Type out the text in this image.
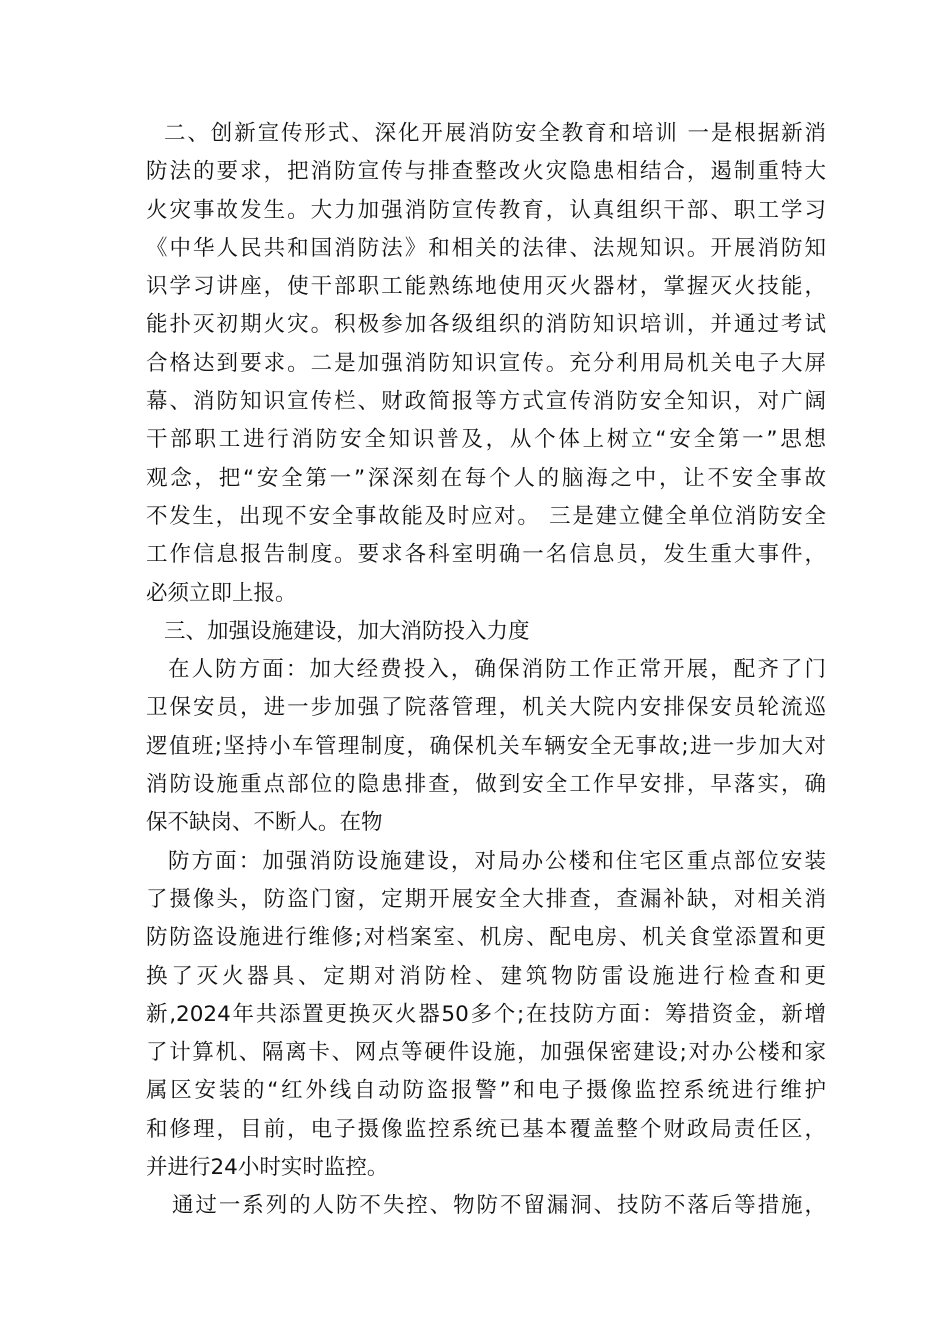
二、创新宣传形式、深化开展消防安全教育和培训 一是根据新消
防法的要求，把消防宣传与排查整改火灾隐患相结合，遏制重特大
火灾事故发生。大力加强消防宣传教育，认真组织干部、职工学习
《中华人民共和国消防法》和相关的法律、法规知识。开展消防知
识学习讲座，使干部职工能熟练地使用灭火器材，掌握灭火技能，
能扑灭初期火灾。积极参加各级组织的消防知识培训，并通过考试
合格达到要求。二是加强消防知识宣传。充分利用局机关电子大屏
幕、消防知识宣传栏、财政简报等方式宣传消防安全知识，对广阔
干部职工进行消防安全知识普及，从个体上树立“安全第一”思想
观念，把“安全第一”深深刻在每个人的脑海之中，让不安全事故
不发生，出现不安全事故能及时应对。 三是建立健全单位消防安全
工作信息报告制度。要求各科室明确一名信息员，发生重大事件，
必须立即上报。
三、加强设施建设，加大消防投入力度
在人防方面：加大经费投入，确保消防工作正常开展，配齐了门
卫保安员，进一步加强了院落管理，机关大院内安排保安员轮流巡
逻值班;坚持小车管理制度，确保机关车辆安全无事故;进一步加大对
消防设施重点部位的隐患排查，做到安全工作早安排，早落实，确
保不缺岗、不断人。在物
防方面：加强消防设施建设，对局办公楼和住宅区重点部位安装
了摄像头，防盗门窗，定期开展安全大排查，查漏补缺，对相关消
防防盗设施进行维修;对档案室、机房、配电房、机关食堂添置和更
换了灭火器具、定期对消防栓、建筑物防雷设施进行检查和更
新,2024年共添置更换灭火器50多个;在技防方面：筹措资金，新增
了计算机、隔离卡、网点等硬件设施，加强保密建设;对办公楼和家
属区安装的“红外线自动防盗报警”和电子摄像监控系统进行维护
和修理，目前，电子摄像监控系统已基本覆盖整个财政局责任区，
并进行24小时实时监控。
通过一系列的人防不失控、物防不留漏洞、技防不落后等措施，
